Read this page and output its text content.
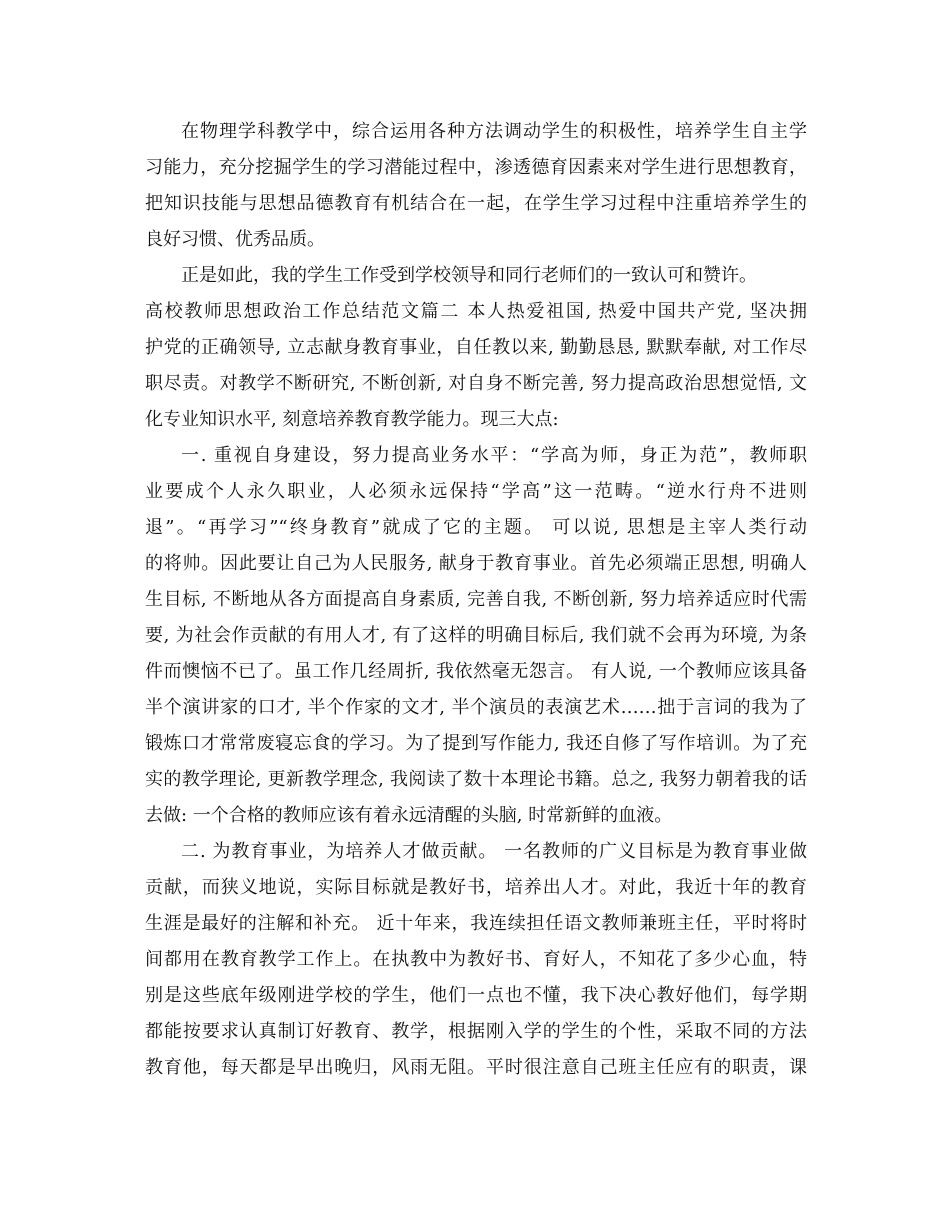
在物理学科教学中，综合运用各种方法调动学生的积极性，培养学生自主学
习能力，充分挖掘学生的学习潜能过程中，渗透德育因素来对学生进行思想教育，
把知识技能与思想品德教育有机结合在一起，在学生学习过程中注重培养学生的
良好习惯、优秀品质。
正是如此，我的学生工作受到学校领导和同行老师们的一致认可和赞许。
高校教师思想政治工作总结范文篇二 本人热爱祖国, 热爱中国共产党, 坚决拥
护党的正确领导, 立志献身教育事业，自任教以来, 勤勤恳恳, 默默奉献, 对工作尽
职尽责。对教学不断研究, 不断创新, 对自身不断完善, 努力提高政治思想觉悟, 文
化专业知识水平, 刻意培养教育教学能力。现三大点:
一. 重视自身建设，努力提高业务水平：“学高为师，身正为范”，教师职
业要成个人永久职业，人必须永远保持“学高”这一范畴。“逆水行舟不进则
退”。“再学习”“终身教育”就成了它的主题。 可以说, 思想是主宰人类行动
的将帅。因此要让自己为人民服务, 献身于教育事业。首先必须端正思想, 明确人
生目标, 不断地从各方面提高自身素质, 完善自我, 不断创新, 努力培养适应时代需
要, 为社会作贡献的有用人才, 有了这样的明确目标后, 我们就不会再为环境, 为条
件而懊恼不已了。虽工作几经周折, 我依然毫无怨言。 有人说, 一个教师应该具备
半个演讲家的口才, 半个作家的文才, 半个演员的表演艺术……拙于言词的我为了
锻炼口才常常废寝忘食的学习。为了提到写作能力, 我还自修了写作培训。为了充
实的教学理论, 更新教学理念, 我阅读了数十本理论书籍。总之, 我努力朝着我的话
去做: 一个合格的教师应该有着永远清醒的头脑, 时常新鲜的血液。
二. 为教育事业，为培养人才做贡献。 一名教师的广义目标是为教育事业做
贡献，而狭义地说，实际目标就是教好书，培养出人才。对此，我近十年的教育
生涯是最好的注解和补充。 近十年来，我连续担任语文教师兼班主任，平时将时
间都用在教育教学工作上。在执教中为教好书、育好人，不知花了多少心血，特
别是这些底年级刚进学校的学生，他们一点也不懂，我下决心教好他们，每学期
都能按要求认真制订好教育、教学，根据刚入学的学生的个性，采取不同的方法
教育他，每天都是早出晚归，风雨无阻。平时很注意自己班主任应有的职责，课
